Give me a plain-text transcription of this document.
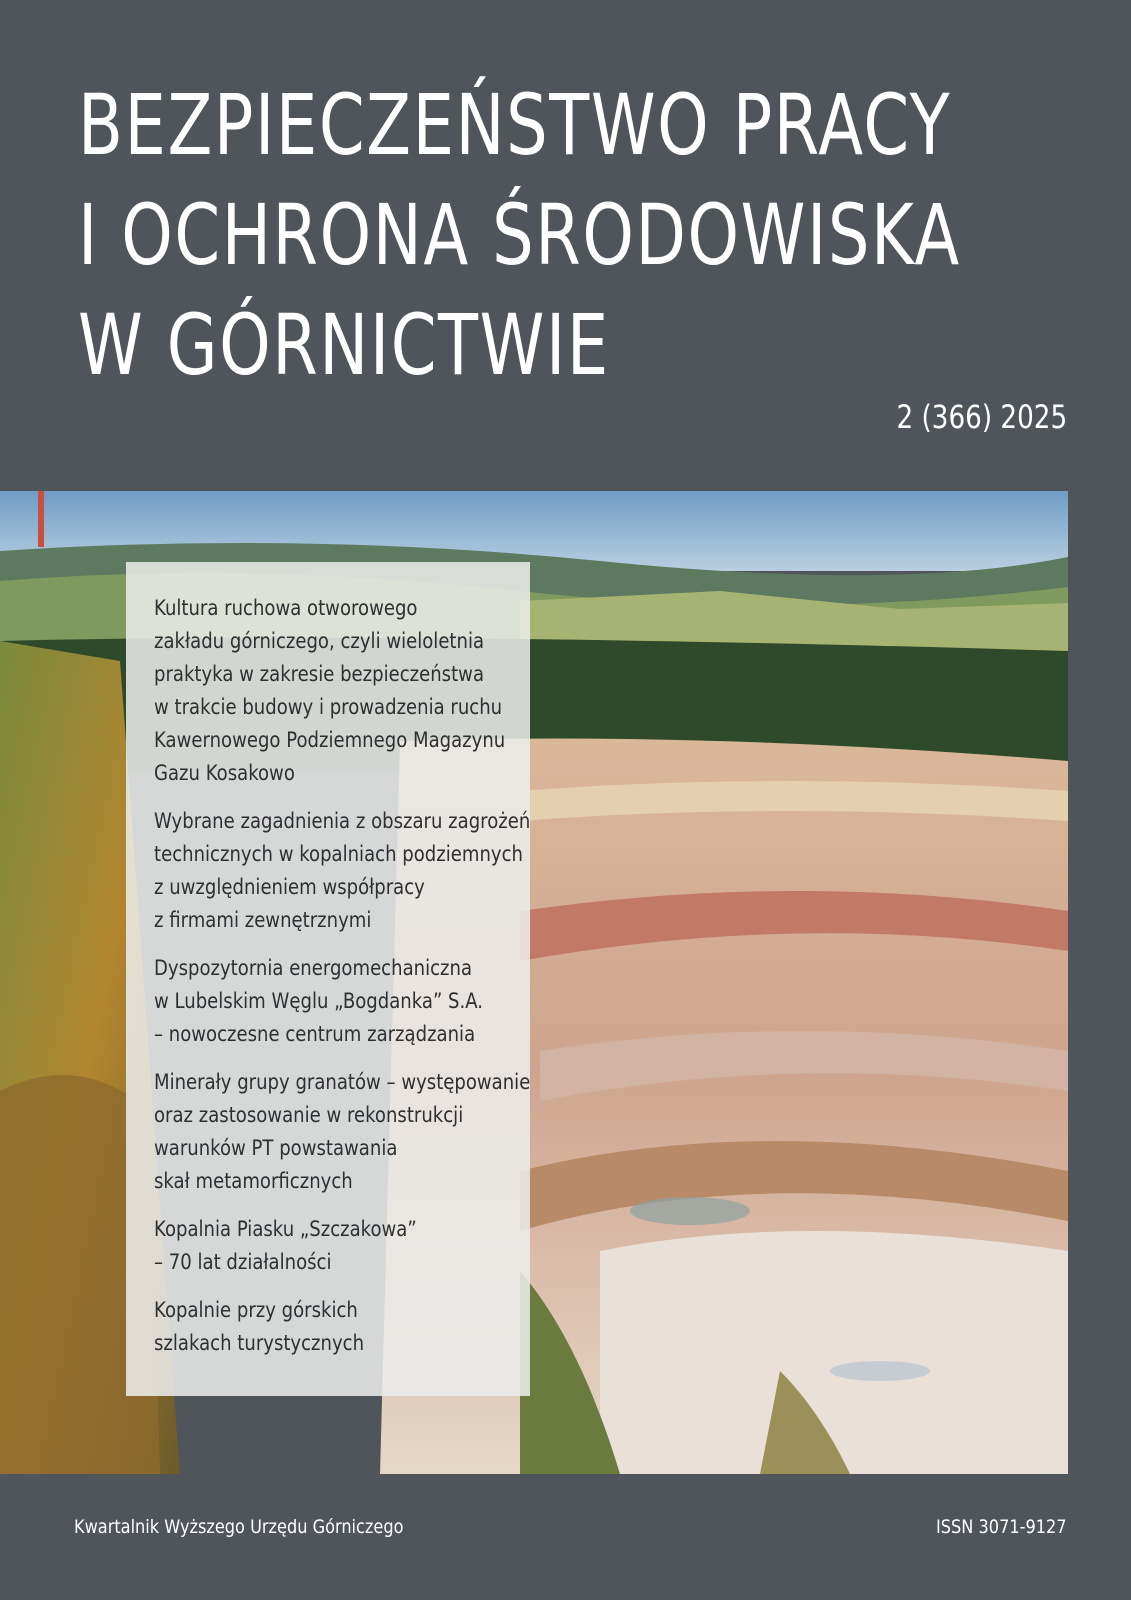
BEZPIECZEŃSTWO PRACY
I OCHRONA ŚRODOWISKA
W GÓRNICTWIE
2 (366) 2025
Kultura ruchowa otworowego
zakładu górniczego, czyli wieloletnia
praktyka w zakresie bezpieczeństwa
w trakcie budowy i prowadzenia ruchu
Kawernowego Podziemnego Magazynu
Gazu Kosakowo
Wybrane zagadnienia z obszaru zagrożeń
technicznych w kopalniach podziemnych
z uwzględnieniem współpracy
z firmami zewnętrznymi
Dyspozytornia energomechaniczna
w Lubelskim Węglu „Bogdanka” S.A.
– nowoczesne centrum zarządzania
Minerały grupy granatów – występowanie
oraz zastosowanie w rekonstrukcji
warunków PT powstawania
skał metamorficznych
Kopalnia Piasku „Szczakowa”
– 70 lat działalności
Kopalnie przy górskich
szlakach turystycznych
Kwartalnik Wyższego Urzędu Górniczego	ISSN 3071-9127
